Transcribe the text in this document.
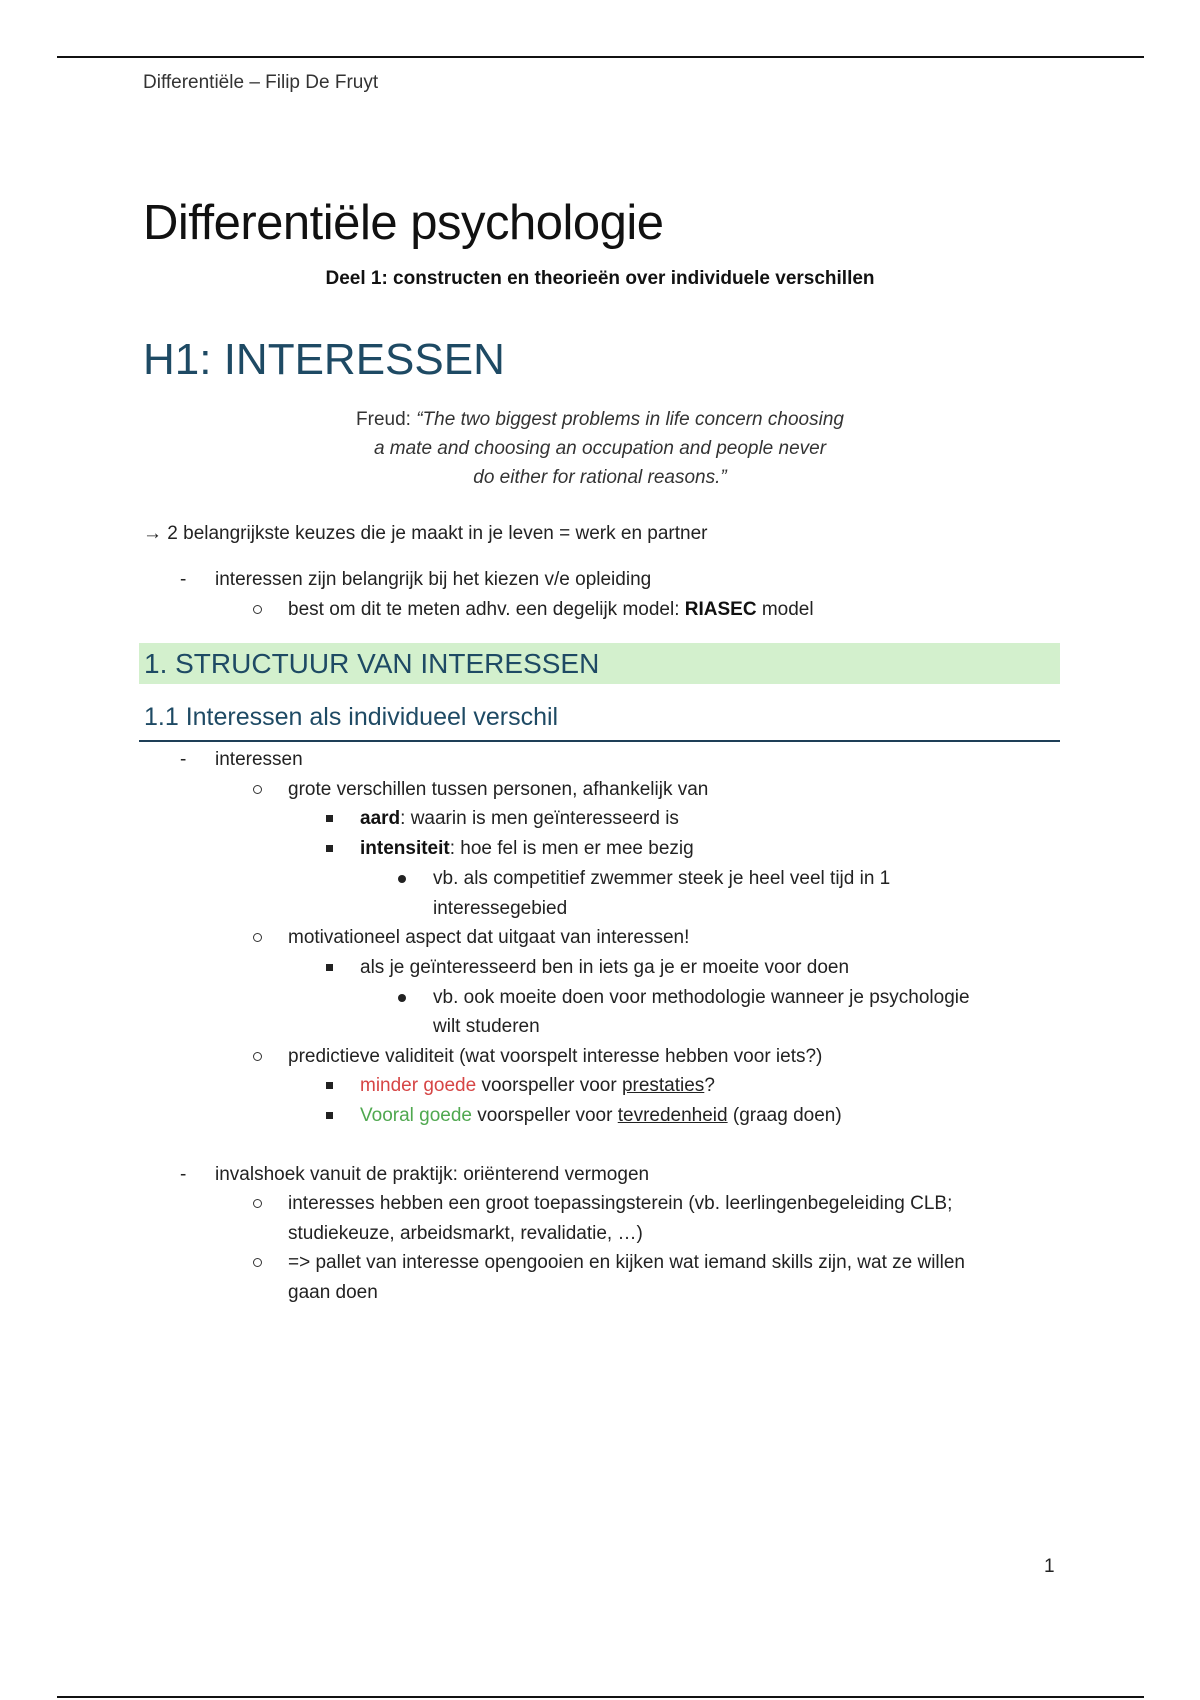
Differentiële – Filip De Fruyt
Differentiële psychologie
Deel 1: constructen en theorieën over individuele verschillen
H1: INTERESSEN
Freud: “The two biggest problems in life concern choosing
a mate and choosing an occupation and people never
do either for rational reasons.”
→ 2 belangrijkste keuzes die je maakt in je leven = werk en partner
- interessen zijn belangrijk bij het kiezen v/e opleiding
best om dit te meten adhv. een degelijk model: RIASEC model
1. STRUCTUUR VAN INTERESSEN
1.1 Interessen als individueel verschil
- interessen
grote verschillen tussen personen, afhankelijk van
aard: waarin is men geïnteresseerd is
intensiteit: hoe fel is men er mee bezig
vb. als competitief zwemmer steek je heel veel tijd in 1
interessegebied
motivationeel aspect dat uitgaat van interessen!
als je geïnteresseerd ben in iets ga je er moeite voor doen
vb. ook moeite doen voor methodologie wanneer je psychologie
wilt studeren
predictieve validiteit (wat voorspelt interesse hebben voor iets?)
minder goede voorspeller voor prestaties?
Vooral goede voorspeller voor tevredenheid (graag doen)
- invalshoek vanuit de praktijk: oriënterend vermogen
interesses hebben een groot toepassingsterein (vb. leerlingenbegeleiding CLB;
studiekeuze, arbeidsmarkt, revalidatie, …)
=> pallet van interesse opengooien en kijken wat iemand skills zijn, wat ze willen
gaan doen
1
